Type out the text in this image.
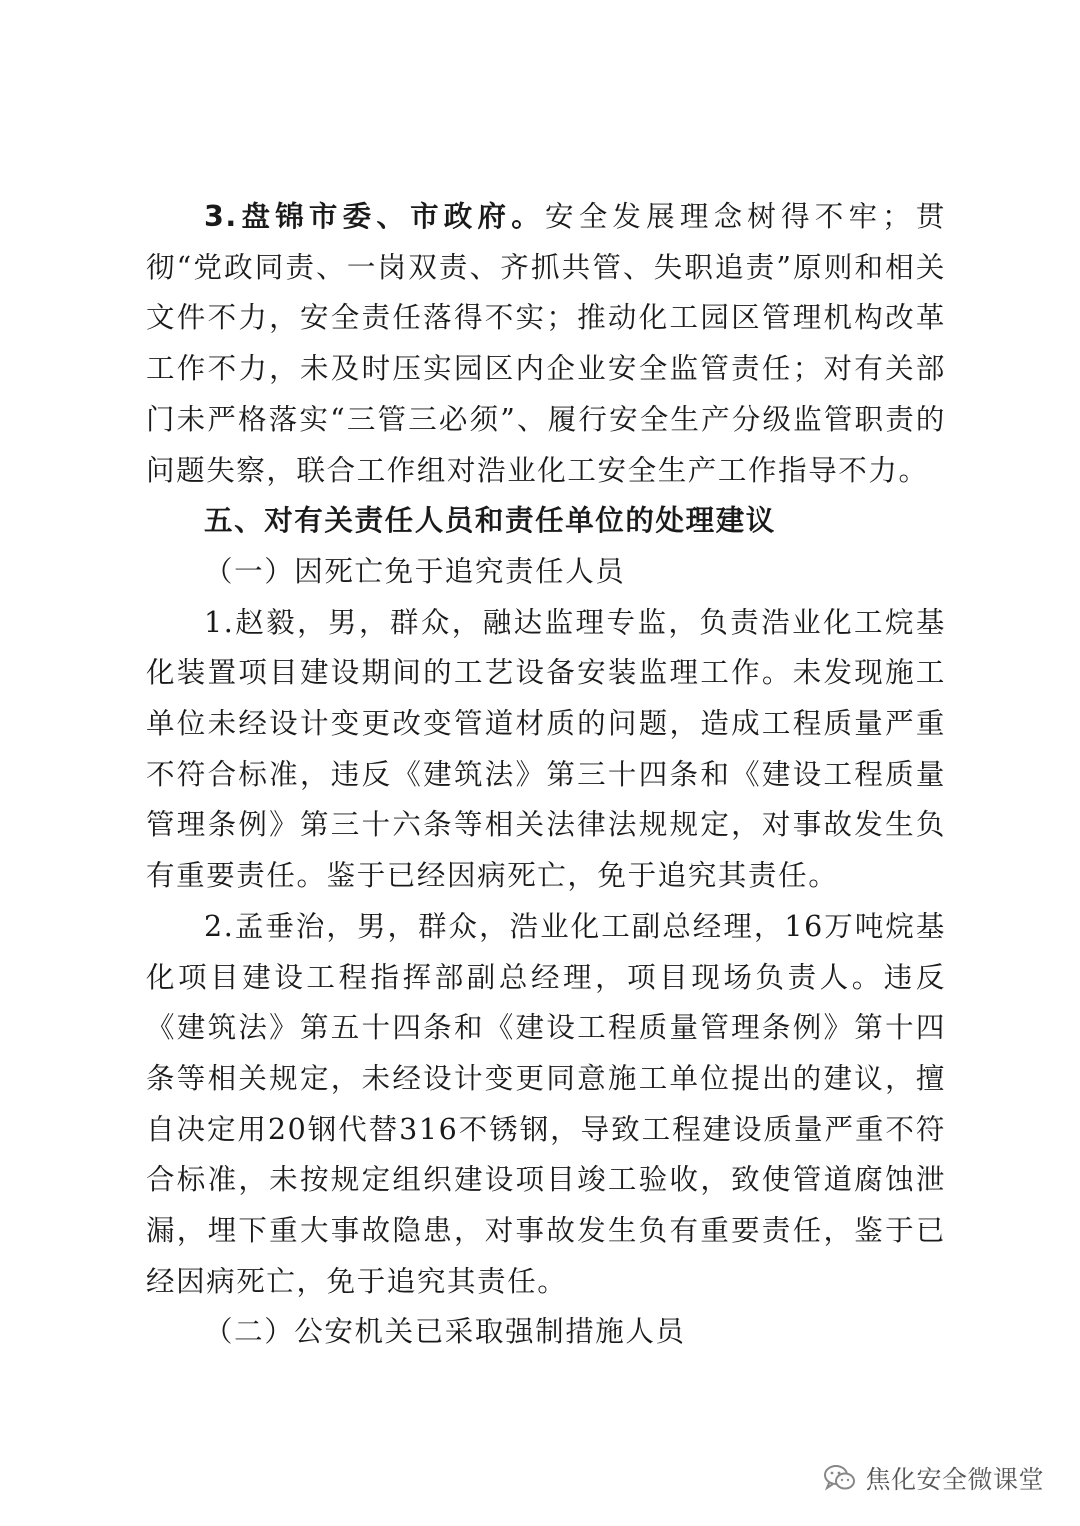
3.盘锦市委、市政府。安全发展理念树得不牢；贯彻“党政同责、一岗双责、齐抓共管、失职追责”原则和相关文件不力，安全责任落得不实；推动化工园区管理机构改革工作不力，未及时压实园区内企业安全监管责任；对有关部门未严格落实“三管三必须”、履行安全生产分级监管职责的问题失察，联合工作组对浩业化工安全生产工作指导不力。

五、对有关责任人员和责任单位的处理建议

（一）因死亡免于追究责任人员

1.赵毅，男，群众，融达监理专监，负责浩业化工烷基化装置项目建设期间的工艺设备安装监理工作。未发现施工单位未经设计变更改变管道材质的问题，造成工程质量严重不符合标准，违反《建筑法》第三十四条和《建设工程质量管理条例》第三十六条等相关法律法规规定，对事故发生负有重要责任。鉴于已经因病死亡，免于追究其责任。

2.孟垂治，男，群众，浩业化工副总经理，16万吨烷基化项目建设工程指挥部副总经理，项目现场负责人。违反《建筑法》第五十四条和《建设工程质量管理条例》第十四条等相关规定，未经设计变更同意施工单位提出的建议，擅自决定用20钢代替316不锈钢，导致工程建设质量严重不符合标准，未按规定组织建设项目竣工验收，致使管道腐蚀泄漏，埋下重大事故隐患，对事故发生负有重要责任，鉴于已经因病死亡，免于追究其责任。

（二）公安机关已采取强制措施人员

焦化安全微课堂
